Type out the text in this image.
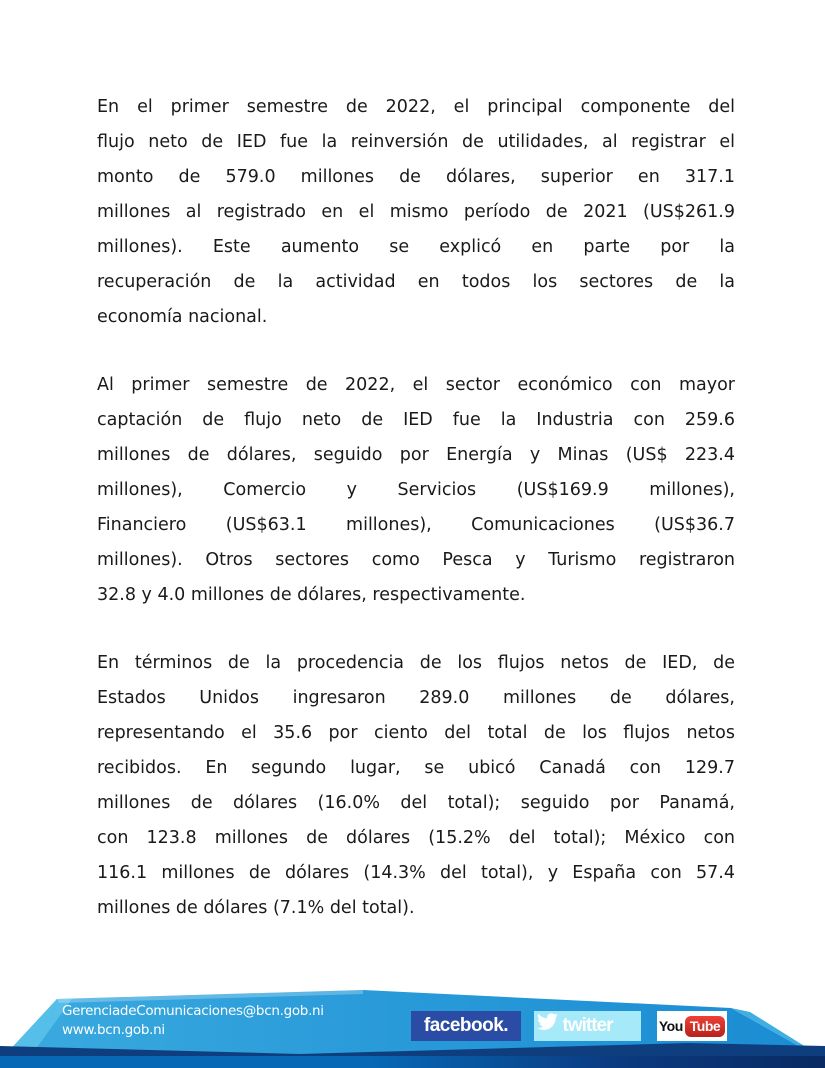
En el primer semestre de 2022, el principal componente del
flujo neto de IED fue la reinversión de utilidades, al registrar el
monto de 579.0 millones de dólares, superior en 317.1
millones al registrado en el mismo período de 2021 (US$261.9
millones). Este aumento se explicó en parte por la
recuperación de la actividad en todos los sectores de la
economía nacional.
Al primer semestre de 2022, el sector económico con mayor
captación de flujo neto de IED fue la Industria con 259.6
millones de dólares, seguido por Energía y Minas (US$ 223.4
millones), Comercio y Servicios (US$169.9 millones),
Financiero (US$63.1 millones), Comunicaciones (US$36.7
millones). Otros sectores como Pesca y Turismo registraron
32.8 y 4.0 millones de dólares, respectivamente.
En términos de la procedencia de los flujos netos de IED, de
Estados Unidos ingresaron 289.0 millones de dólares,
representando el 35.6 por ciento del total de los flujos netos
recibidos. En segundo lugar, se ubicó Canadá con 129.7
millones de dólares (16.0% del total); seguido por Panamá,
con 123.8 millones de dólares (15.2% del total); México con
116.1 millones de dólares (14.3% del total), y España con 57.4
millones de dólares (7.1% del total).
GerenciadeComunicaciones@bcn.gob.ni
www.bcn.gob.ni	facebook.	twitter	You Tube
